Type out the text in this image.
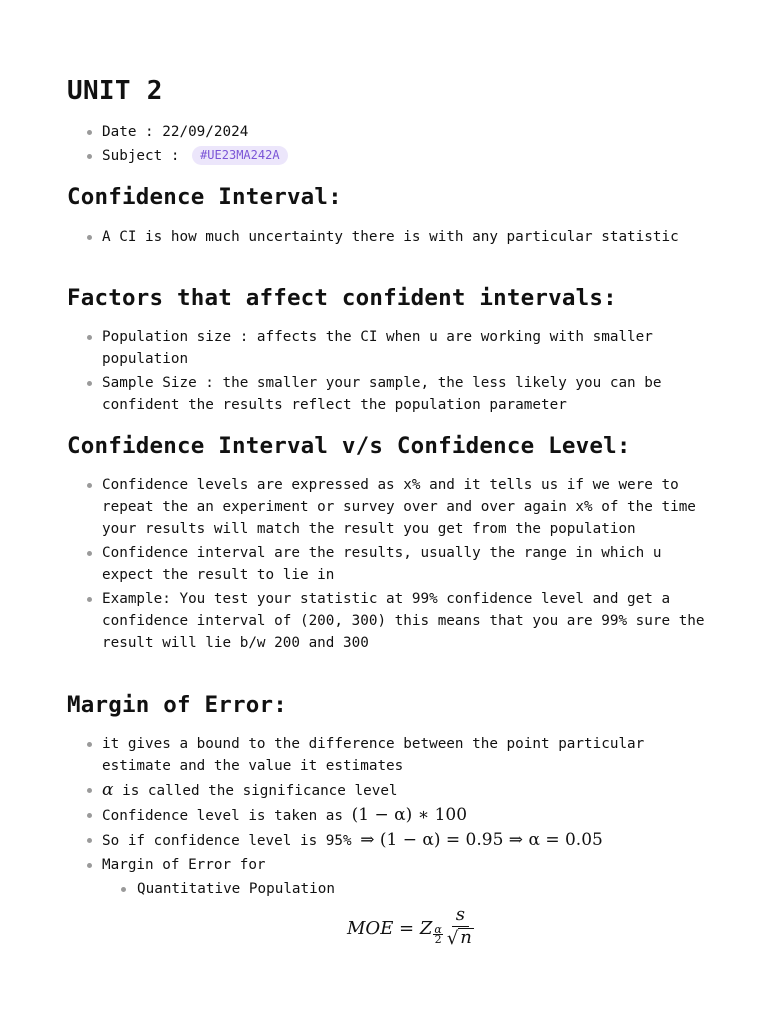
UNIT 2
Date : 22/09/2024
Subject : #UE23MA242A
Confidence Interval:
A CI is how much uncertainty there is with any particular statistic
Factors that affect confident intervals:
Population size : affects the CI when u are working with smaller population
Sample Size : the smaller your sample, the less likely you can be confident the results reflect the population parameter
Confidence Interval v/s Confidence Level:
Confidence levels are expressed as x% and it tells us if we were to repeat the an experiment or survey over and over again x% of the time your results will match the result you get from the population
Confidence interval are the results, usually the range in which u expect the result to lie in
Example: You test your statistic at 99% confidence level and get a confidence interval of (200, 300) this means that you are 99% sure the result will lie b/w 200 and 300
Margin of Error:
it gives a bound to the difference between the point particular estimate and the value it estimates
α is called the significance level
Confidence level is taken as (1 − α) ∗ 100
So if confidence level is 95% ⇒ (1 − α) = 0.95 ⇒ α = 0.05
Margin of Error for
Quantitative Population
MOE = Z $\frac{\alpha}{2} \frac{s}{√ n}$
